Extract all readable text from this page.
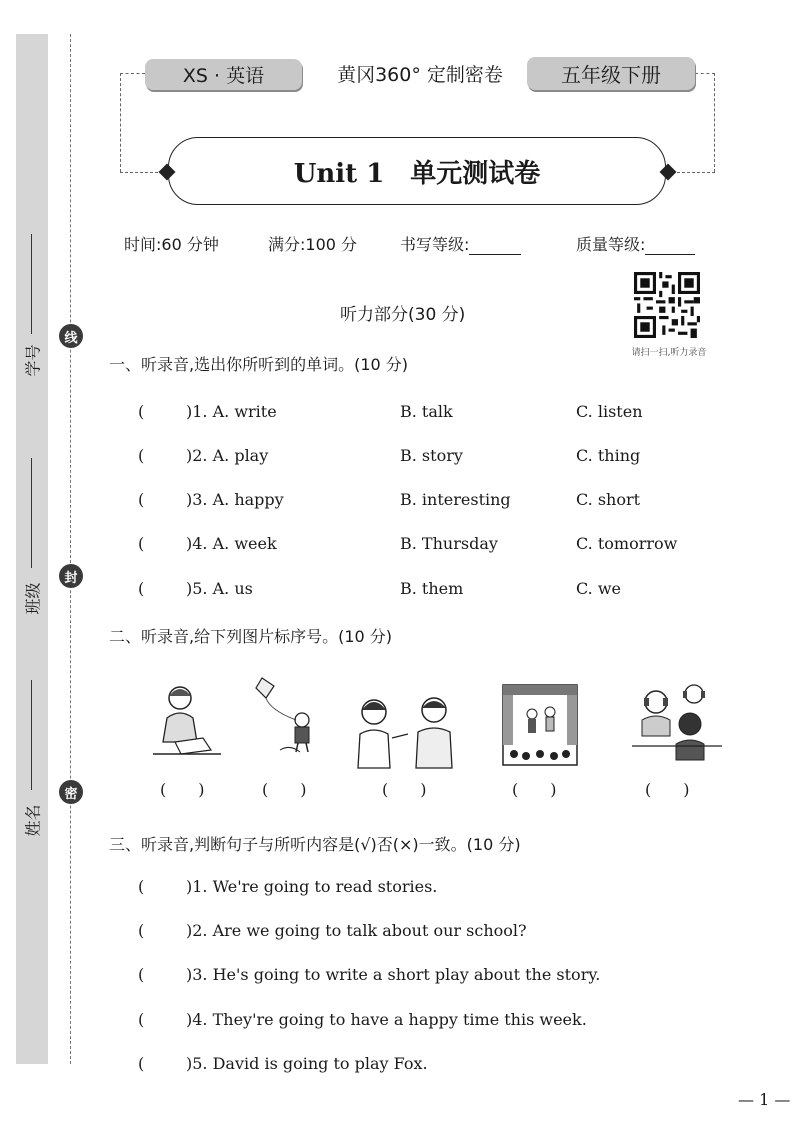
线
封
密
学号
班级
姓名
XS · 英语	黄冈360° 定制密卷	五年级下册
Unit 1　单元测试卷
时间:60 分钟	满分:100 分	书写等级:	质量等级:
听力部分(30 分)
请扫一扫,听力录音
一、听录音,选出你所听到的单词。(10 分)
(	)1. A. write	B. talk	C. listen
(	)2. A. play	B. story	C. thing
(	)3. A. happy	B. interesting	C. short
(	)4. A. week	B. Thursday	C. tomorrow
(	)5. A. us	B. them	C. we
二、听录音,给下列图片标序号。(10 分)
(　　)	(　　)	(　　)	(　　)	(　　)
三、听录音,判断句子与所听内容是(√)否(×)一致。(10 分)
(	)1. We're going to read stories.
(	)2. Are we going to talk about our school?
(	)3. He's going to write a short play about the story.
(	)4. They're going to have a happy time this week.
(	)5. David is going to play Fox.
— 1 —
